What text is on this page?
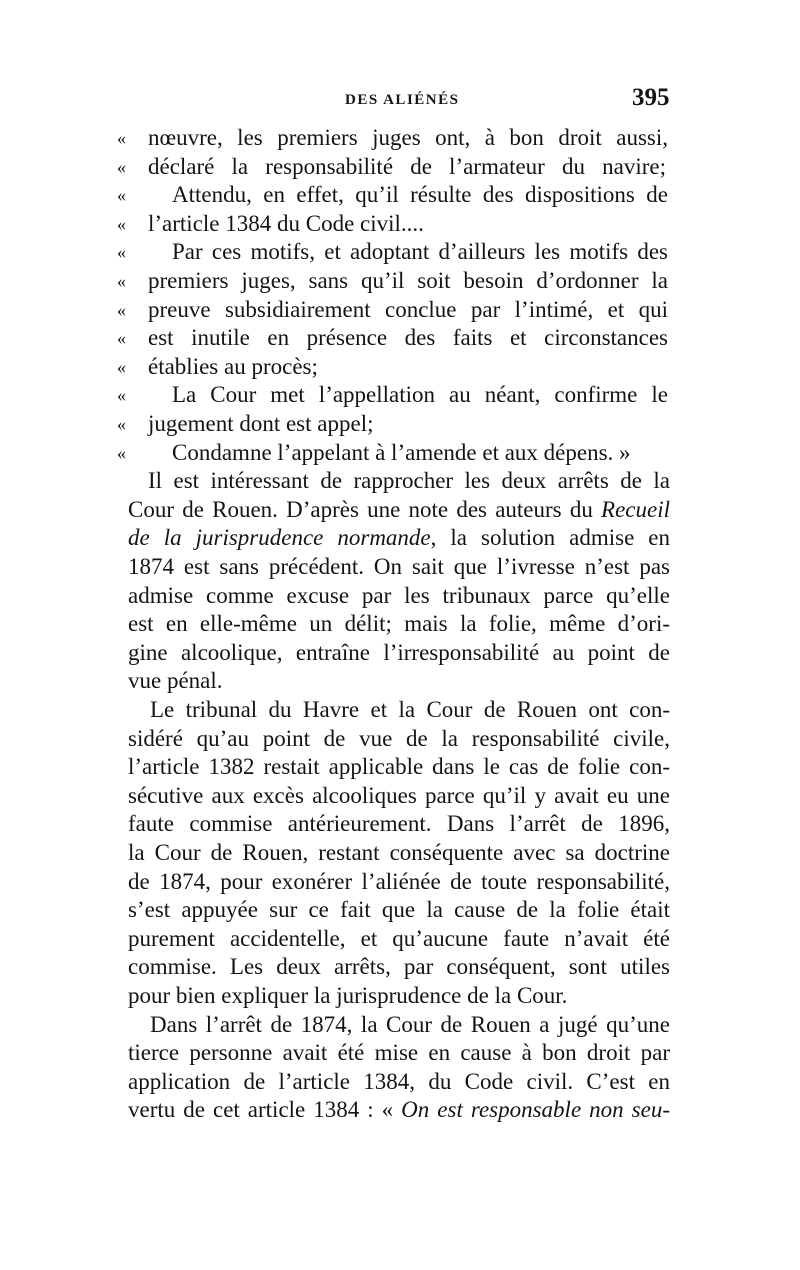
DES ALIÉNÉS	395
« nœuvre, les premiers juges ont, à bon droit aussi,
« déclaré la responsabilité de l’armateur du navire;
« Attendu, en effet, qu’il résulte des dispositions de
« l’article 1384 du Code civil....
« Par ces motifs, et adoptant d’ailleurs les motifs des
« premiers juges, sans qu’il soit besoin d’ordonner la
« preuve subsidiairement conclue par l’intimé, et qui
« est inutile en présence des faits et circonstances
« établies au procès;
« La Cour met l’appellation au néant, confirme le
« jugement dont est appel;
« Condamne l’appelant à l’amende et aux dépens. »
Il est intéressant de rapprocher les deux arrêts de la
Cour de Rouen. D’après une note des auteurs du Recueil
de la jurisprudence normande, la solution admise en
1874 est sans précédent. On sait que l’ivresse n’est pas
admise comme excuse par les tribunaux parce qu’elle
est en elle-même un délit; mais la folie, même d’ori-
gine alcoolique, entraîne l’irresponsabilité au point de
vue pénal.
Le tribunal du Havre et la Cour de Rouen ont con-
sidéré qu’au point de vue de la responsabilité civile,
l’article 1382 restait applicable dans le cas de folie con-
sécutive aux excès alcooliques parce qu’il y avait eu une
faute commise antérieurement. Dans l’arrêt de 1896,
la Cour de Rouen, restant conséquente avec sa doctrine
de 1874, pour exonérer l’aliénée de toute responsabilité,
s’est appuyée sur ce fait que la cause de la folie était
purement accidentelle, et qu’aucune faute n’avait été
commise. Les deux arrêts, par conséquent, sont utiles
pour bien expliquer la jurisprudence de la Cour.
Dans l’arrêt de 1874, la Cour de Rouen a jugé qu’une
tierce personne avait été mise en cause à bon droit par
application de l’article 1384, du Code civil. C’est en
vertu de cet article 1384 : « On est responsable non seu-
